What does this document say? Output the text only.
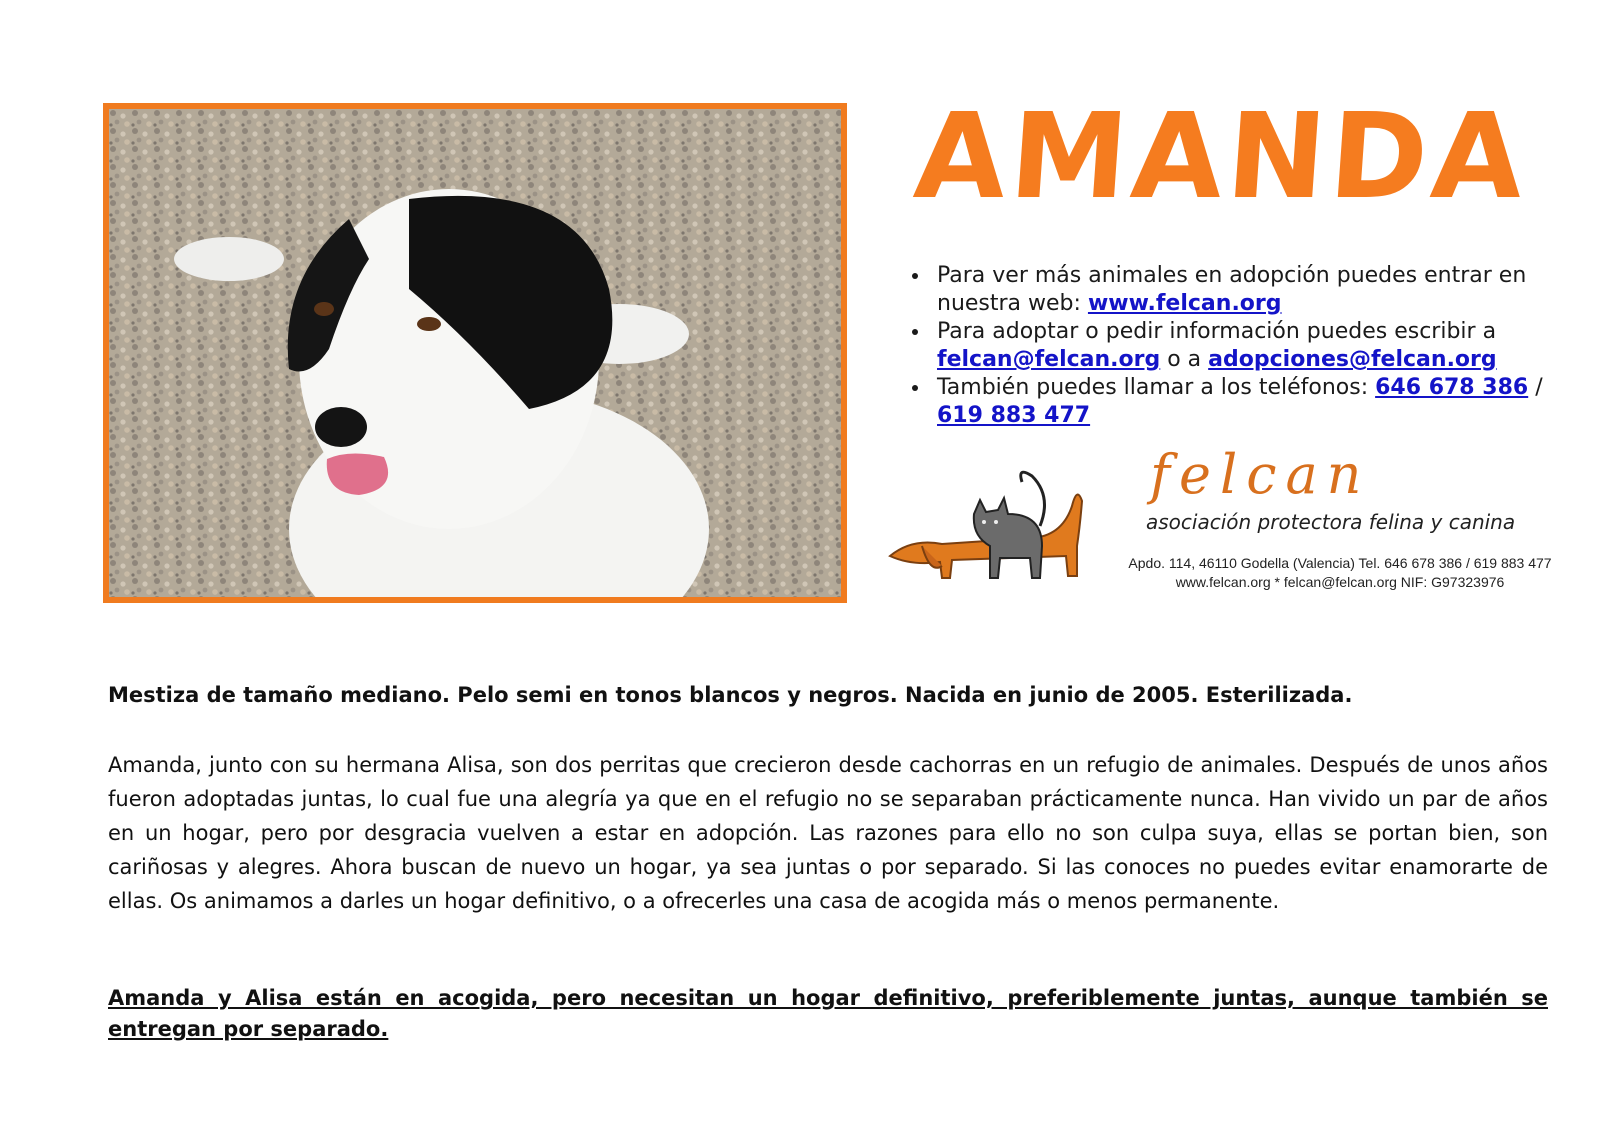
AMANDA
• Para ver más animales en adopción puedes entrar en nuestra web: www.felcan.org
• Para adoptar o pedir información puedes escribir a felcan@felcan.org o a adopciones@felcan.org
• También puedes llamar a los teléfonos: 646 678 386 / 619 883 477
felcan
asociación protectora felina y canina
Apdo. 114, 46110 Godella (Valencia) Tel. 646 678 386 / 619 883 477
www.felcan.org * felcan@felcan.org NIF: G97323976
Mestiza de tamaño mediano. Pelo semi en tonos blancos y negros. Nacida en junio de 2005. Esterilizada.
Amanda, junto con su hermana Alisa, son dos perritas que crecieron desde cachorras en un refugio de animales. Después de unos años fueron adoptadas juntas, lo cual fue una alegría ya que en el refugio no se separaban prácticamente nunca. Han vivido un par de años en un hogar, pero por desgracia vuelven a estar en adopción. Las razones para ello no son culpa suya, ellas se portan bien, son cariñosas y alegres. Ahora buscan de nuevo un hogar, ya sea juntas o por separado. Si las conoces no puedes evitar enamorarte de ellas. Os animamos a darles un hogar definitivo, o a ofrecerles una casa de acogida más o menos permanente.
Amanda y Alisa están en acogida, pero necesitan un hogar definitivo, preferiblemente juntas, aunque también se entregan por separado.
